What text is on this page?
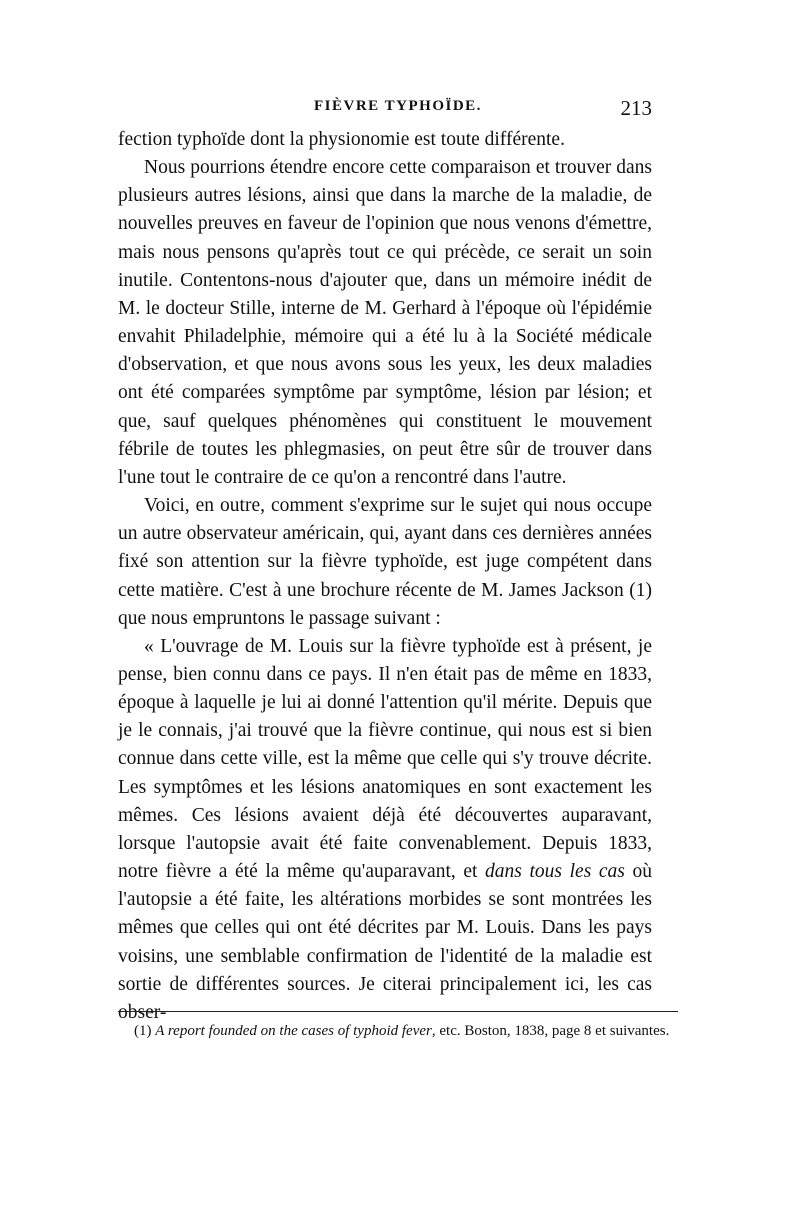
FIÈVRE TYPHOÏDE.	213

fection typhoïde dont la physionomie est toute différente.

Nous pourrions étendre encore cette comparaison et trouver dans plusieurs autres lésions, ainsi que dans la marche de la maladie, de nouvelles preuves en faveur de l'opinion que nous venons d'émettre, mais nous pensons qu'après tout ce qui précède, ce serait un soin inutile. Contentons-nous d'ajouter que, dans un mémoire inédit de M. le docteur Stille, interne de M. Gerhard à l'époque où l'épidémie envahit Philadelphie, mémoire qui a été lu à la Société médicale d'observation, et que nous avons sous les yeux, les deux maladies ont été comparées symptôme par symptôme, lésion par lésion; et que, sauf quelques phénomènes qui constituent le mouvement fébrile de toutes les phlegmasies, on peut être sûr de trouver dans l'une tout le contraire de ce qu'on a rencontré dans l'autre.

Voici, en outre, comment s'exprime sur le sujet qui nous occupe un autre observateur américain, qui, ayant dans ces dernières années fixé son attention sur la fièvre typhoïde, est juge compétent dans cette matière. C'est à une brochure récente de M. James Jackson (1) que nous empruntons le passage suivant :

« L'ouvrage de M. Louis sur la fièvre typhoïde est à présent, je pense, bien connu dans ce pays. Il n'en était pas de même en 1833, époque à laquelle je lui ai donné l'attention qu'il mérite. Depuis que je le connais, j'ai trouvé que la fièvre continue, qui nous est si bien connue dans cette ville, est la même que celle qui s'y trouve décrite. Les symptômes et les lésions anatomiques en sont exactement les mêmes. Ces lésions avaient déjà été découvertes auparavant, lorsque l'autopsie avait été faite convenablement. Depuis 1833, notre fièvre a été la même qu'auparavant, et dans tous les cas où l'autopsie a été faite, les altérations morbides se sont montrées les mêmes que celles qui ont été décrites par M. Louis. Dans les pays voisins, une semblable confirmation de l'identité de la maladie est sortie de différentes sources. Je citerai principalement ici, les cas obser-

(1) A report founded on the cases of typhoid fever, etc. Boston, 1838, page 8 et suivantes.
